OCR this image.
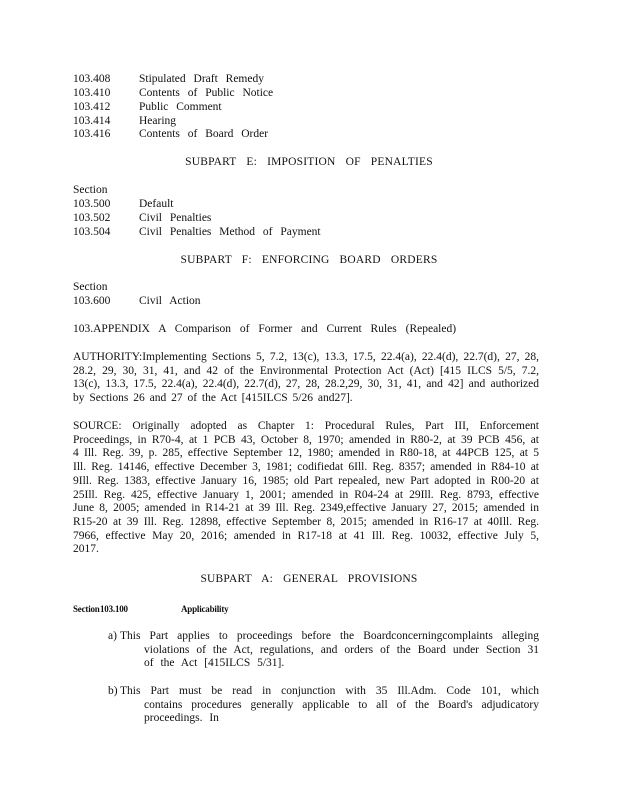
103.408 Stipulated Draft Remedy
103.410 Contents of Public Notice
103.412 Public Comment
103.414 Hearing
103.416 Contents of Board Order
SUBPART E: IMPOSITION OF PENALTIES
Section
103.500 Default
103.502 Civil Penalties
103.504 Civil Penalties Method of Payment
SUBPART F: ENFORCING BOARD ORDERS
Section
103.600 Civil Action
103.APPENDIX A Comparison of Former and Current Rules (Repealed)
AUTHORITY:Implementing Sections 5, 7.2, 13(c), 13.3, 17.5, 22.4(a), 22.4(d), 22.7(d), 27, 28, 28.2, 29, 30, 31, 41, and 42 of the Environmental Protection Act (Act) [415 ILCS 5/5, 7.2, 13(c), 13.3, 17.5, 22.4(a), 22.4(d), 22.7(d), 27, 28, 28.2,29, 30, 31, 41, and 42] and authorized by Sections 26 and 27 of the Act [415ILCS 5/26 and27].
SOURCE: Originally adopted as Chapter 1: Procedural Rules, Part III, Enforcement Proceedings, in R70-4, at 1 PCB 43, October 8, 1970; amended in R80-2, at 39 PCB 456, at 4 Ill. Reg. 39, p. 285, effective September 12, 1980; amended in R80-18, at 44PCB 125, at 5 Ill. Reg. 14146, effective December 3, 1981; codifiedat 6Ill. Reg. 8357; amended in R84-10 at 9Ill. Reg. 1383, effective January 16, 1985; old Part repealed, new Part adopted in R00-20 at 25Ill. Reg. 425, effective January 1, 2001; amended in R04-24 at 29Ill. Reg. 8793, effective June 8, 2005; amended in R14-21 at 39 Ill. Reg. 2349,effective January 27, 2015; amended in R15-20 at 39 Ill. Reg. 12898, effective September 8, 2015; amended in R16-17 at 40Ill. Reg. 7966, effective May 20, 2016; amended in R17-18 at 41 Ill. Reg. 10032, effective July 5, 2017.
SUBPART A: GENERAL PROVISIONS
Section 103.100	Applicability
a) This Part applies to proceedings before the Boardconcerningcomplaints alleging violations of the Act, regulations, and orders of the Board under Section 31 of the Act [415ILCS 5/31].
b) This Part must be read in conjunction with 35 Ill.Adm. Code 101, which contains procedures generally applicable to all of the Board's adjudicatory proceedings. In
